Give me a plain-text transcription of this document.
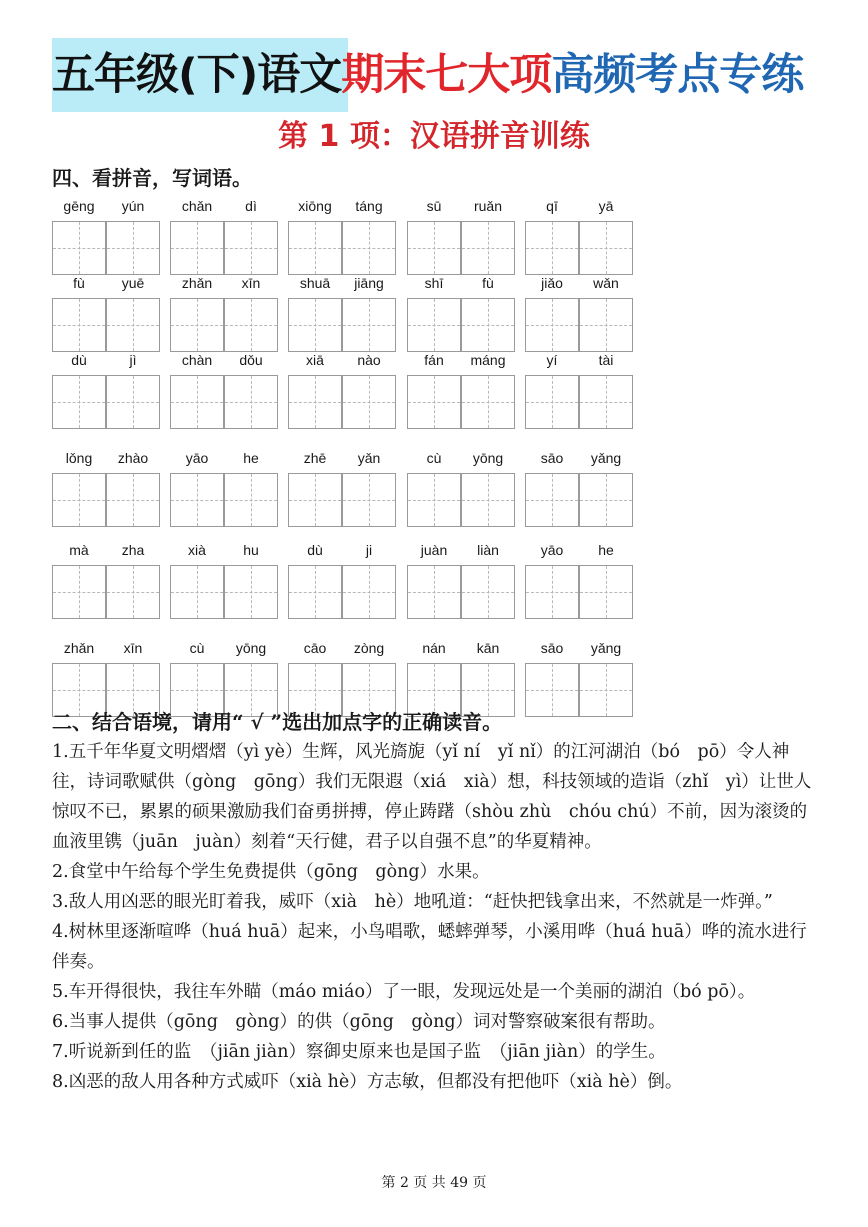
五年级(下)语文期末七大项高频考点专练
第 1 项：汉语拼音训练
四、看拼音，写词语。
gēng	yún	chǎn	dì	xiōng	táng	sū	ruǎn	qī	yā
fù	yuē	zhǎn	xīn	shuā	jiāng	shī	fù	jiǎo	wǎn
dù	jì	chàn	dǒu	xiā	nào	fán	máng	yí	tài
lǒng	zhào	yāo	he	zhē	yǎn	cù	yōng	sāo	yǎng
mà	zha	xià	hu	dù	ji	juàn	liàn	yāo	he
zhǎn	xīn	cù	yōng	cāo	zòng	nán	kān	sāo	yǎng
二、结合语境，请用“ √ ”选出加点字的正确读音。

1.五千年华夏文明熠熠（yì yè）生辉，风光旖旎（yǐ ní　yǐ nǐ）的江河湖泊（bó　pō）令人神往，诗词歌赋供（gòng　gōng）我们无限遐（xiá　xià）想，科技领域的造诣（zhǐ　yì）让世人惊叹不已，累累的硕果激励我们奋勇拼搏，停止踌躇（shòu zhù　chóu chú）不前，因为滚烫的血液里镌（juān　juàn）刻着“天行健，君子以自强不息”的华夏精神。

2.食堂中午给每个学生免费提供（gōng　gòng）水果。

3.敌人用凶恶的眼光盯着我，威吓（xià　hè）地吼道：“赶快把钱拿出来，不然就是一炸弹。”

4.树林里逐渐喧哗（huá huā）起来，小鸟唱歌，蟋蟀弹琴，小溪用哗（huá huā）哗的流水进行伴奏。

5.车开得很快，我往车外瞄（máo miáo）了一眼，发现远处是一个美丽的湖泊（bó pō）。

6.当事人提供（gōng　gòng）的供（gōng　gòng）词对警察破案很有帮助。

7.听说新到任的监　（jiān jiàn）察御史原来也是国子监　（jiān jiàn）的学生。

8.凶恶的敌人用各种方式威吓（xià hè）方志敏，但都没有把他吓（xià hè）倒。

第 2 页 共 49 页
